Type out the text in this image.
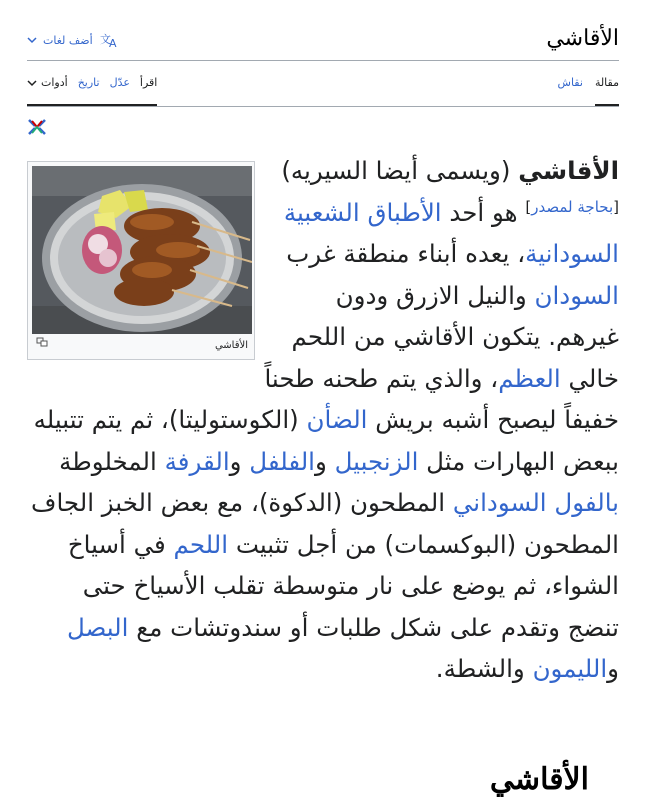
الأقاشي
أضف لغات 文
A
مقالة
نقاش
اقرأ
عدّل
تاريخ
أدوات
الأقاشي
الأقاشي (ويسمى أيضا السيريه)[بحاجة لمصدر] هو أحد الأطباق الشعبية السودانية، يعده أبناء منطقة غرب السودان والنيل الازرق ودون غيرهم. يتكون الأقاشي من اللحم خالي العظم، والذي يتم طحنه طحناً خفيفاً ليصبح أشبه بريش الضأن (الكوستوليتا)، ثم يتم تتبيله ببعض البهارات مثل الزنجبيل والفلفل والقرفة المخلوطة بالفول السوداني المطحون (الدكوة)، مع بعض الخبز الجاف المطحون (البوكسمات) من أجل تثبيت اللحم في أسياخ الشواء، ثم يوضع على نار متوسطة تقلب الأسياخ حتى تنضج وتقدم على شكل طلبات أو سندوتشات مع البصل والليمون والشطة.
الأقاشي
